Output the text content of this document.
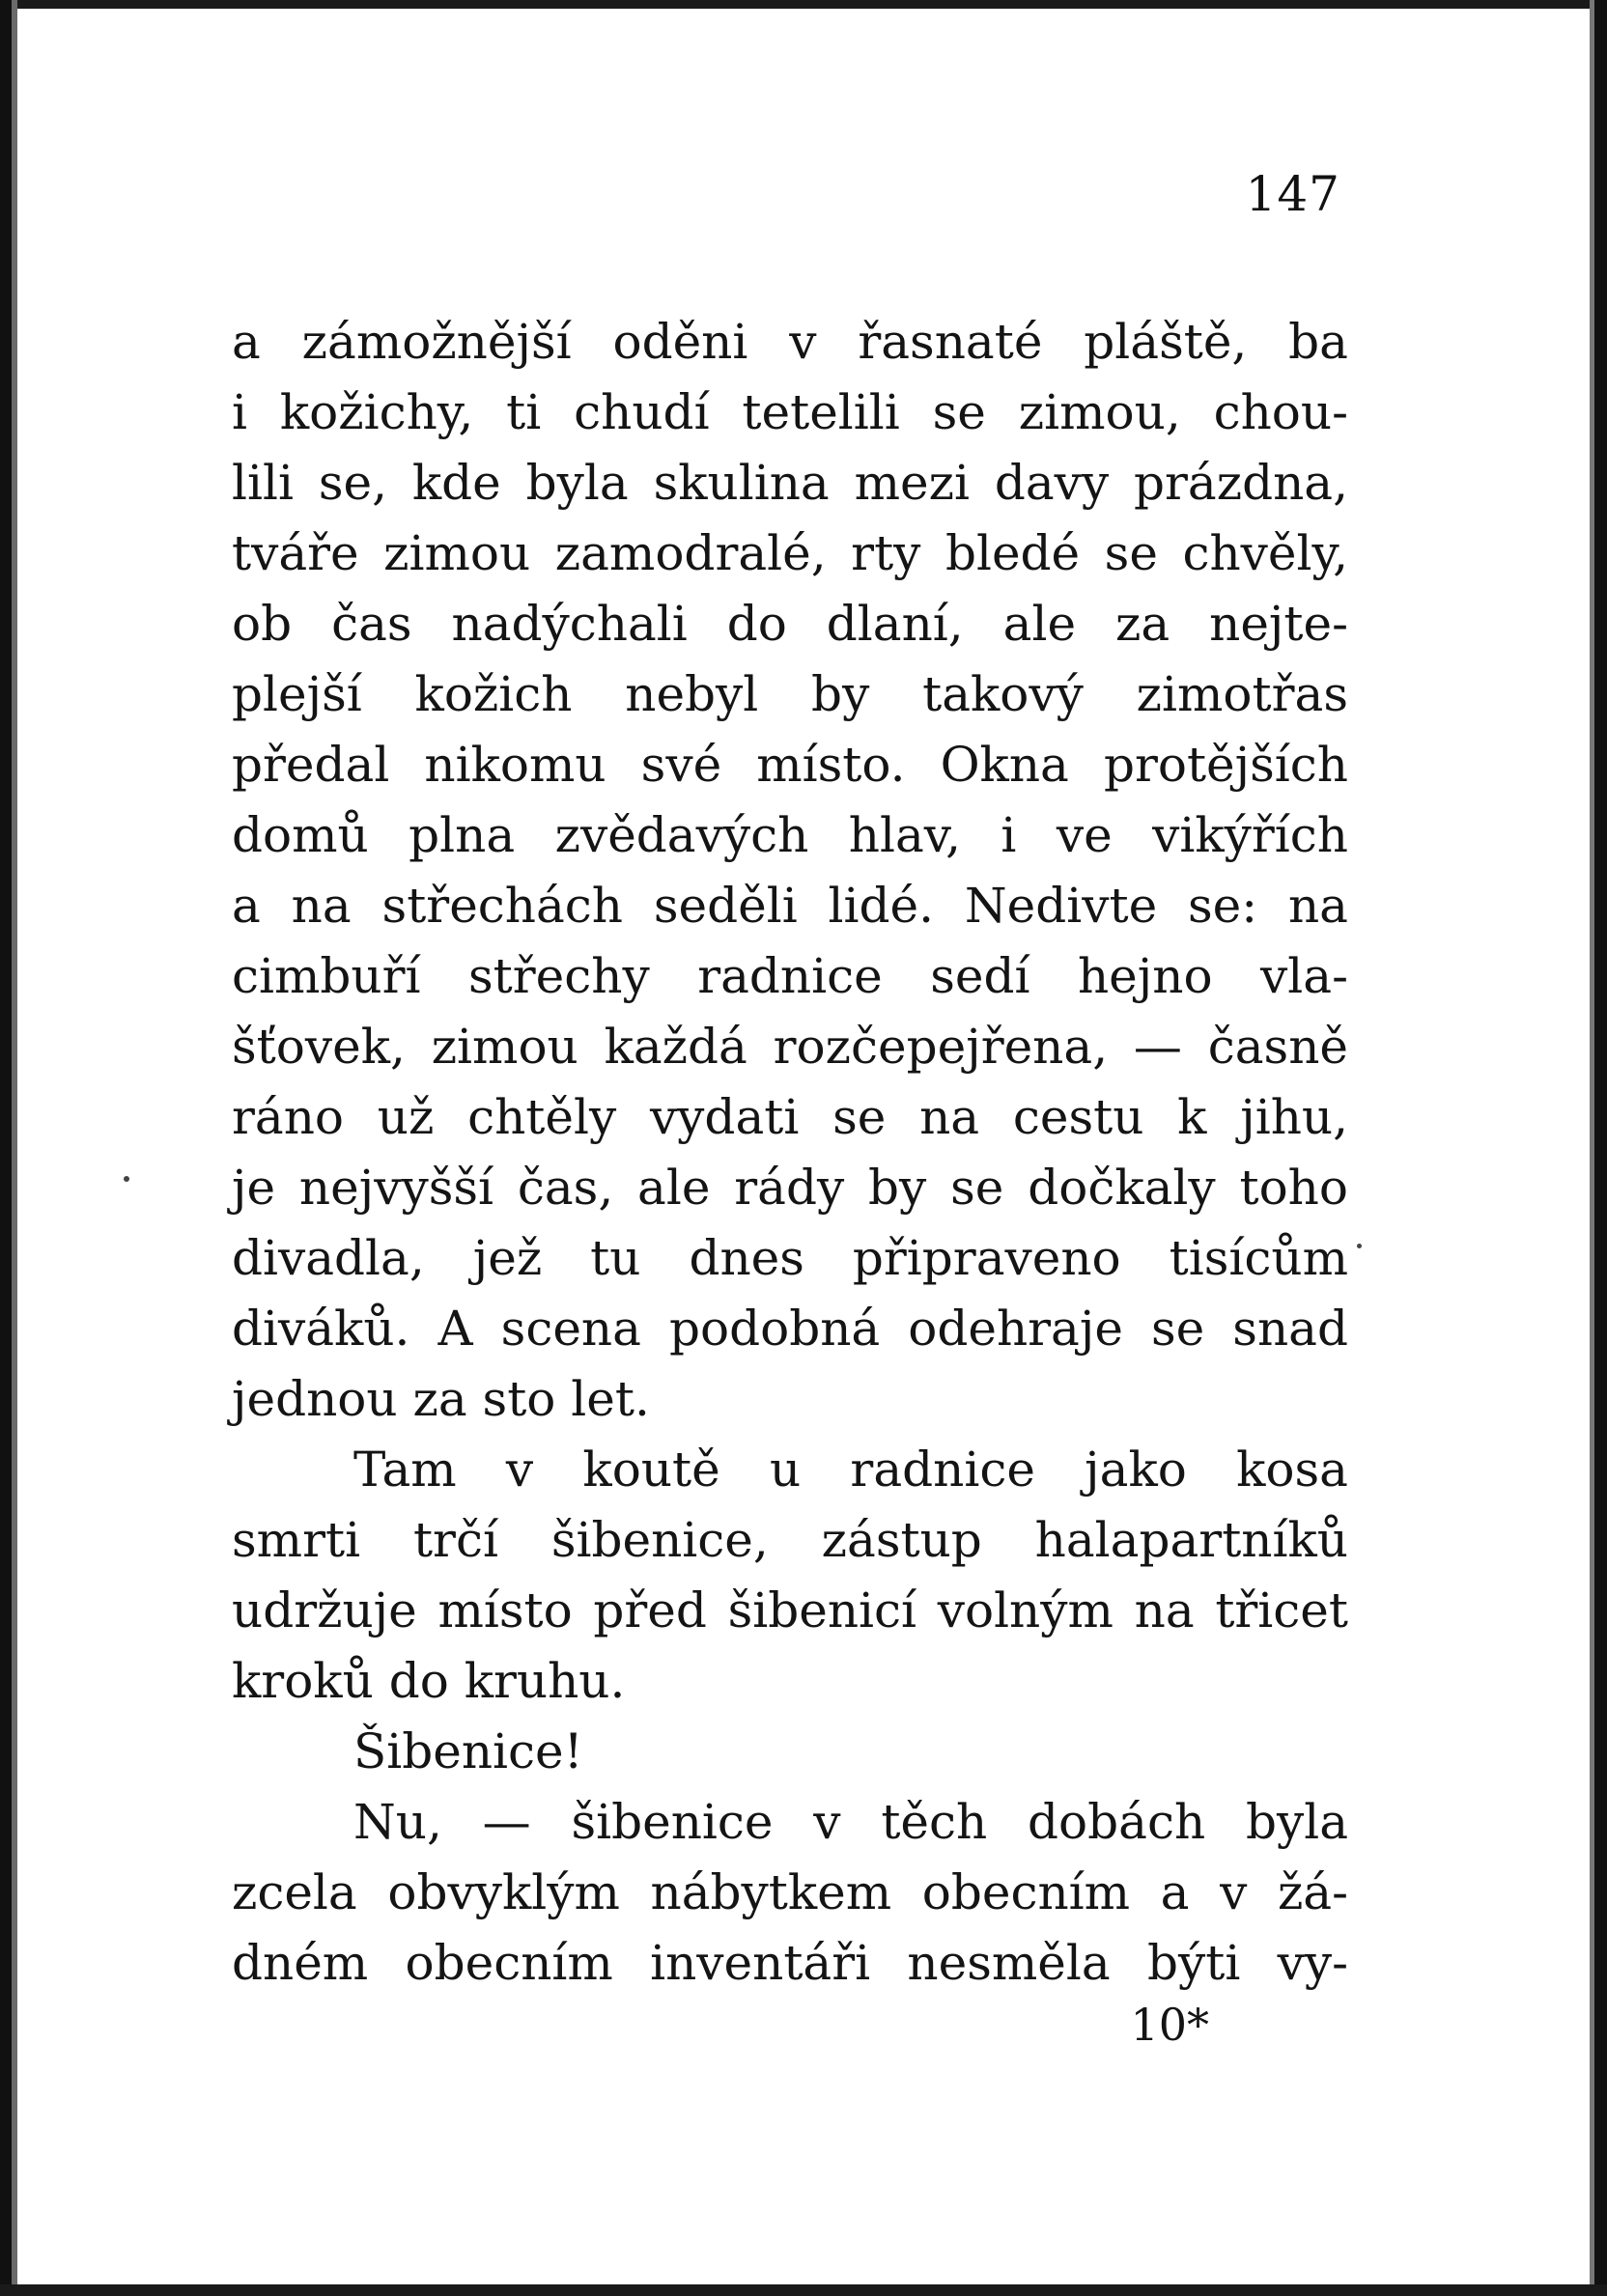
147
a zámožnější oděni v řasnaté pláště, ba
i kožichy, ti chudí tetelili se zimou, chou-
lili se, kde byla skulina mezi davy prázdna,
tváře zimou zamodralé, rty bledé se chvěly,
ob čas nadýchali do dlaní, ale za nejte-
plejší kožich nebyl by takový zimotřas
předal nikomu své místo. Okna protějších
domů plna zvědavých hlav, i ve vikýřích
a na střechách seděli lidé. Nedivte se: na
cimbuří střechy radnice sedí hejno vla-
šťovek, zimou každá rozčepejřena, — časně
ráno už chtěly vydati se na cestu k jihu,
je nejvyšší čas, ale rády by se dočkaly toho
divadla, jež tu dnes připraveno tisícům
diváků. A scena podobná odehraje se snad
jednou za sto let.
Tam v koutě u radnice jako kosa
smrti trčí šibenice, zástup halapartníků
udržuje místo před šibenicí volným na třicet
kroků do kruhu.
Šibenice!
Nu, — šibenice v těch dobách byla
zcela obvyklým nábytkem obecním a v žá-
dném obecním inventáři nesměla býti vy-
10*
